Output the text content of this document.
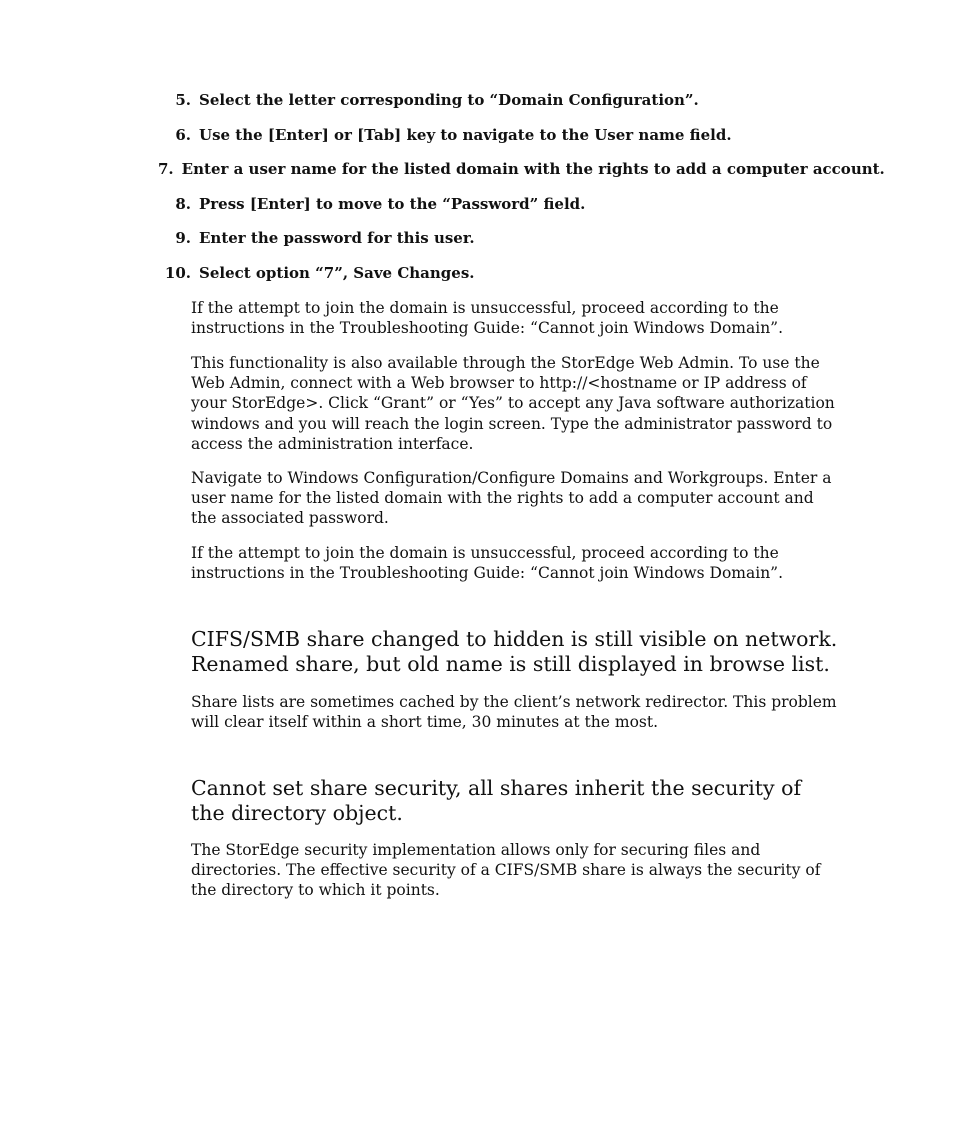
5. Select the letter corresponding to “Domain Configuration”.
6. Use the [Enter] or [Tab] key to navigate to the User name field.
7. Enter a user name for the listed domain with the rights to add a computer account.
8. Press [Enter] to move to the “Password” field.
9. Enter the password for this user.
10. Select option “7”, Save Changes.

If the attempt to join the domain is unsuccessful, proceed according to the instructions in the Troubleshooting Guide: “Cannot join Windows Domain”.

This functionality is also available through the StorEdge Web Admin. To use the Web Admin, connect with a Web browser to http://<hostname or IP address of your StorEdge>. Click “Grant” or “Yes” to accept any Java software authorization windows and you will reach the login screen. Type the administrator password to access the administration interface.

Navigate to Windows Configuration/Configure Domains and Workgroups. Enter a user name for the listed domain with the rights to add a computer account and the associated password.

If the attempt to join the domain is unsuccessful, proceed according to the instructions in the Troubleshooting Guide: “Cannot join Windows Domain”.

CIFS/SMB share changed to hidden is still visible on network. Renamed share, but old name is still displayed in browse list.

Share lists are sometimes cached by the client’s network redirector. This problem will clear itself within a short time, 30 minutes at the most.

Cannot set share security, all shares inherit the security of the directory object.

The StorEdge security implementation allows only for securing files and directories. The effective security of a CIFS/SMB share is always the security of the directory to which it points.
